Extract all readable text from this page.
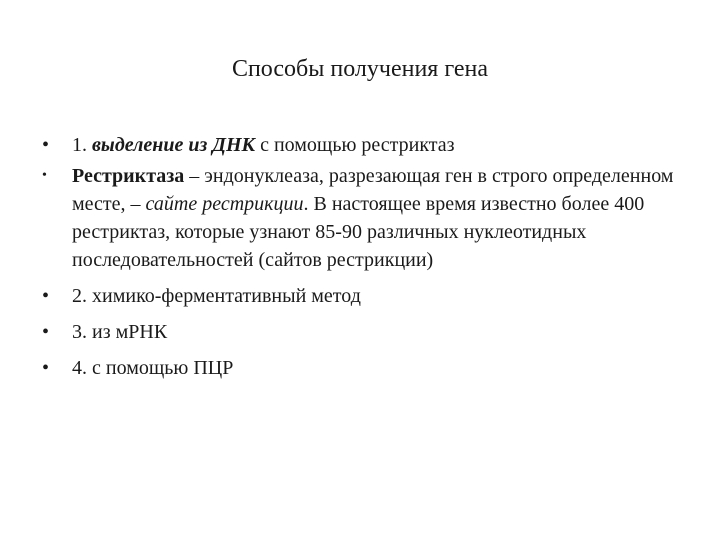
Способы получения гена
•	1. выделение из ДНК с помощью рестриктаз
•	Рестриктаза – эндонуклеаза, разрезающая ген в строго определенном месте, – сайте рестрикции. В настоящее время известно более 400 рестриктаз, которые узнают 85-90 различных нуклеотидных последовательностей (сайтов рестрикции)
•	2. химико-ферментативный метод
•	3. из мРНК
•	4. с помощью ПЦР
